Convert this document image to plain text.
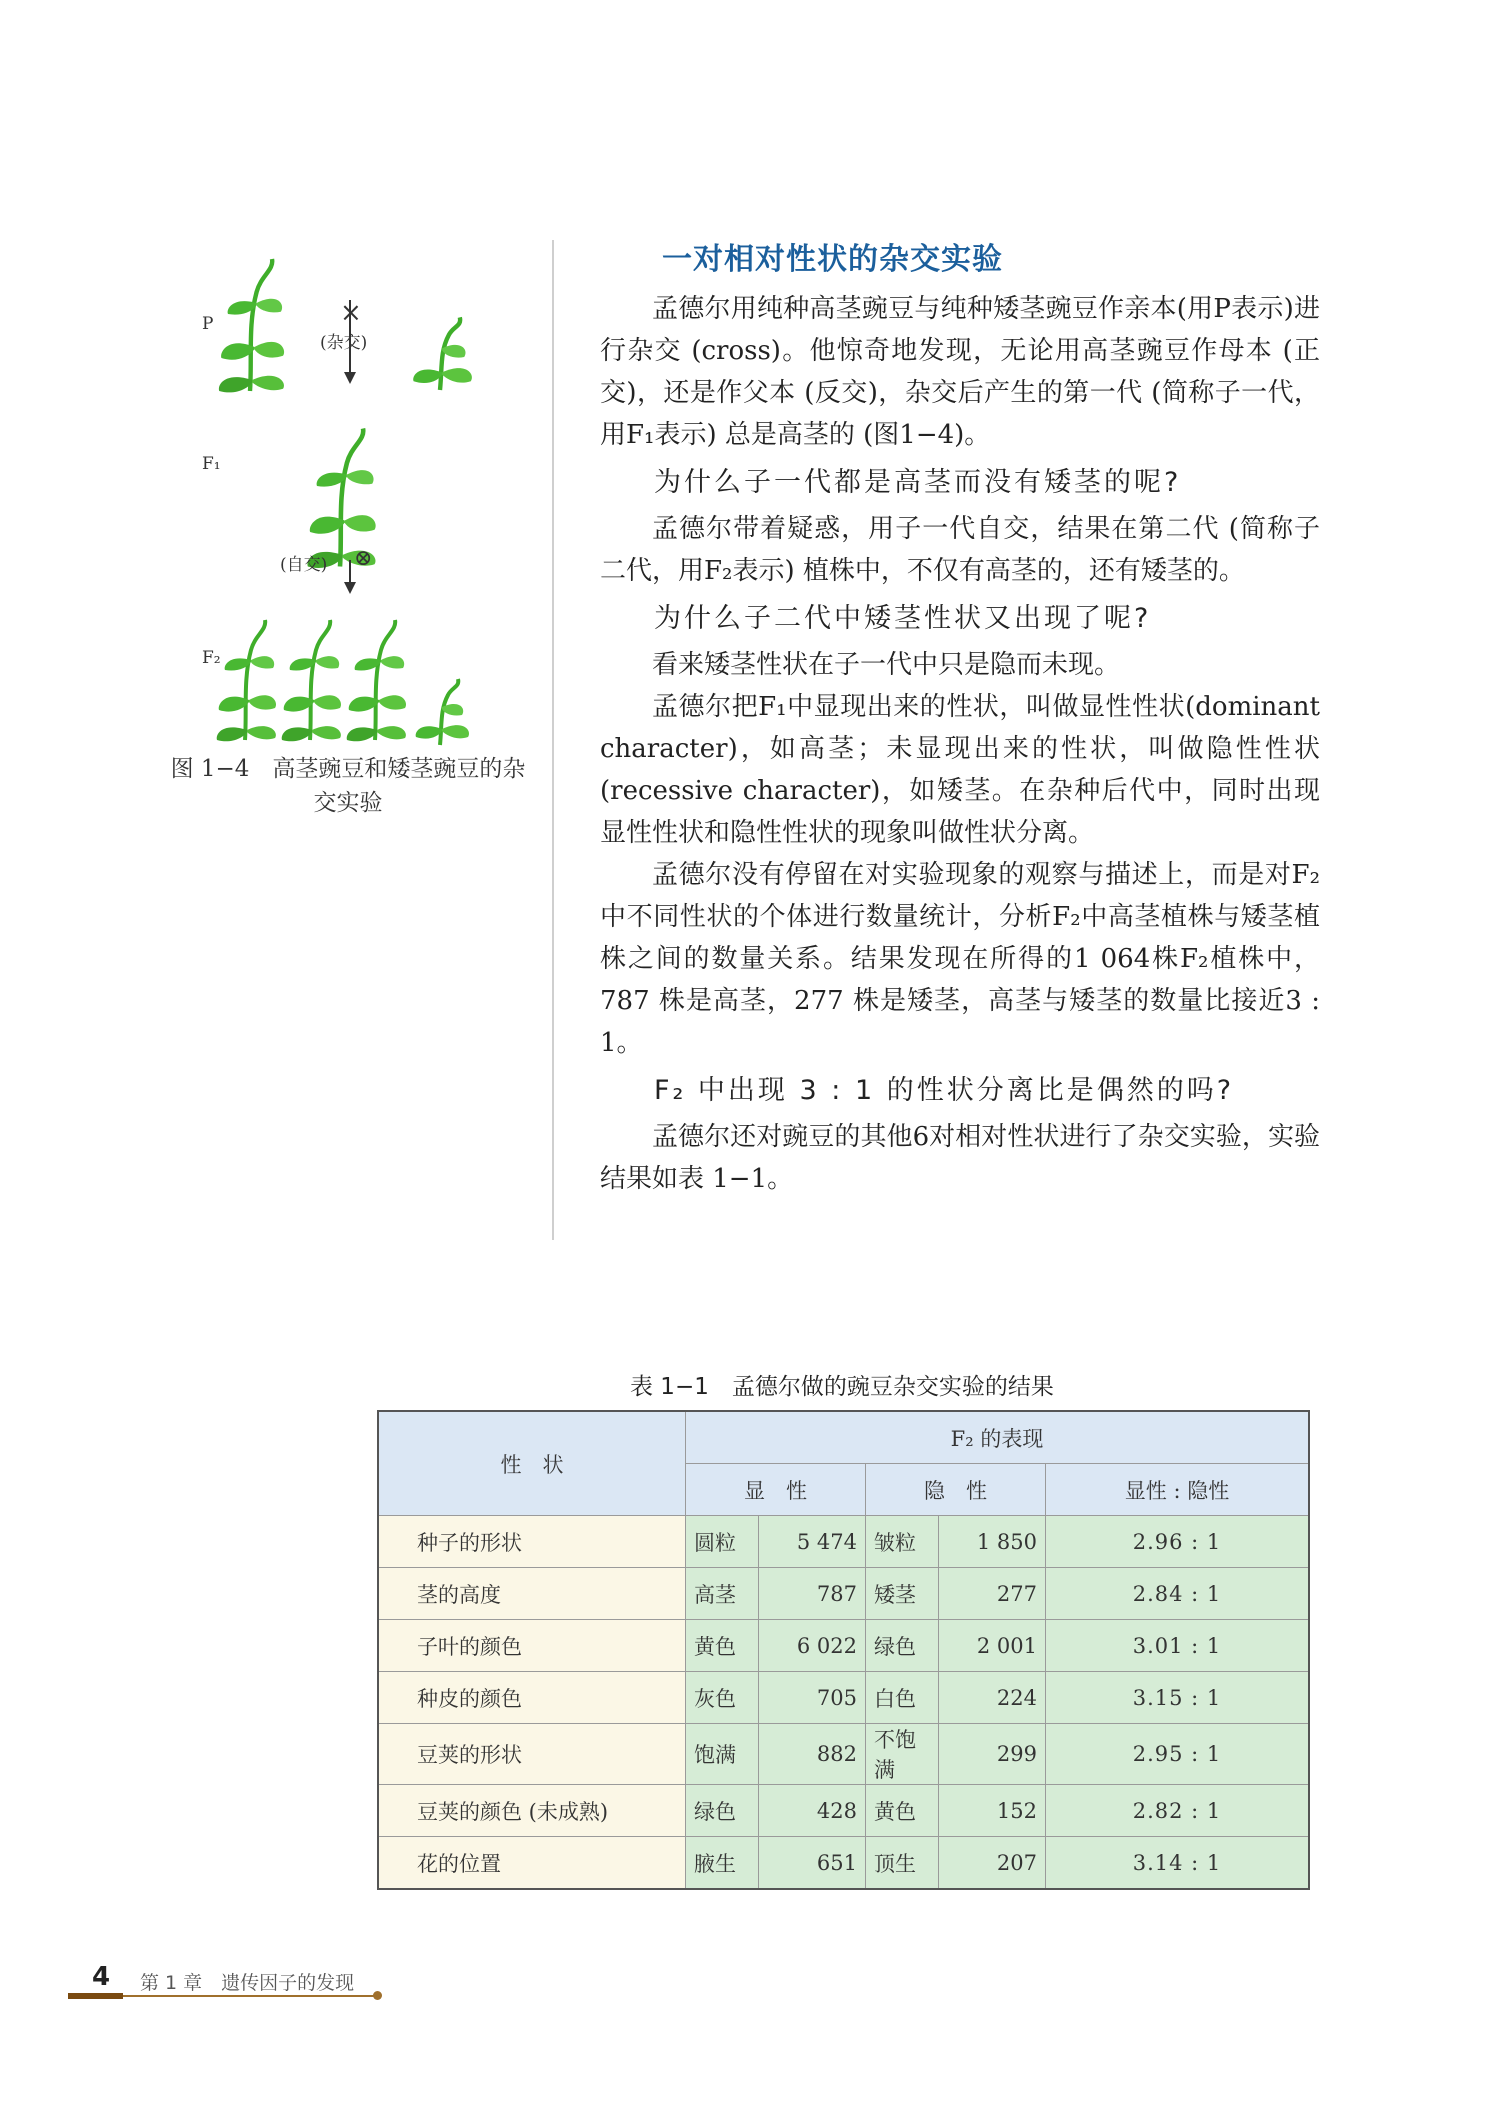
P	×
(杂交)
F₁
(自交) ⊗
F₂
图 1−4　高茎豌豆和矮茎豌豆的杂交实验
一对相对性状的杂交实验

孟德尔用纯种高茎豌豆与纯种矮茎豌豆作亲本(用P表示)进行杂交 (cross)。他惊奇地发现，无论用高茎豌豆作母本 (正交)，还是作父本 (反交)，杂交后产生的第一代 (简称子一代，用F₁表示) 总是高茎的 (图1−4)。

为什么子一代都是高茎而没有矮茎的呢?

孟德尔带着疑惑，用子一代自交，结果在第二代 (简称子二代，用F₂表示) 植株中，不仅有高茎的，还有矮茎的。

为什么子二代中矮茎性状又出现了呢?

看来矮茎性状在子一代中只是隐而未现。

孟德尔把F₁中显现出来的性状，叫做显性性状(dominant character)，如高茎；未显现出来的性状，叫做隐性性状(recessive character)，如矮茎。在杂种后代中，同时出现显性性状和隐性性状的现象叫做性状分离。

孟德尔没有停留在对实验现象的观察与描述上，而是对F₂中不同性状的个体进行数量统计，分析F₂中高茎植株与矮茎植株之间的数量关系。结果发现在所得的1 064株F₂植株中，787 株是高茎，277 株是矮茎，高茎与矮茎的数量比接近3 : 1。

F₂ 中出现 3 : 1 的性状分离比是偶然的吗?

孟德尔还对豌豆的其他6对相对性状进行了杂交实验，实验结果如表 1−1。

表 1−1　孟德尔做的豌豆杂交实验的结果
性　状	F₂ 的表现				
	显　性		隐　性		显性 : 隐性
种子的形状	圆粒	5 474	皱粒	1 850	2.96 : 1
茎的高度	高茎	787	矮茎	277	2.84 : 1
子叶的颜色	黄色	6 022	绿色	2 001	3.01 : 1
种皮的颜色	灰色	705	白色	224	3.15 : 1
豆荚的形状	饱满	882	不饱满	299	2.95 : 1
豆荚的颜色 (未成熟)	绿色	428	黄色	152	2.82 : 1
花的位置	腋生	651	顶生	207	3.14 : 1
4 第 1 章　遗传因子的发现
